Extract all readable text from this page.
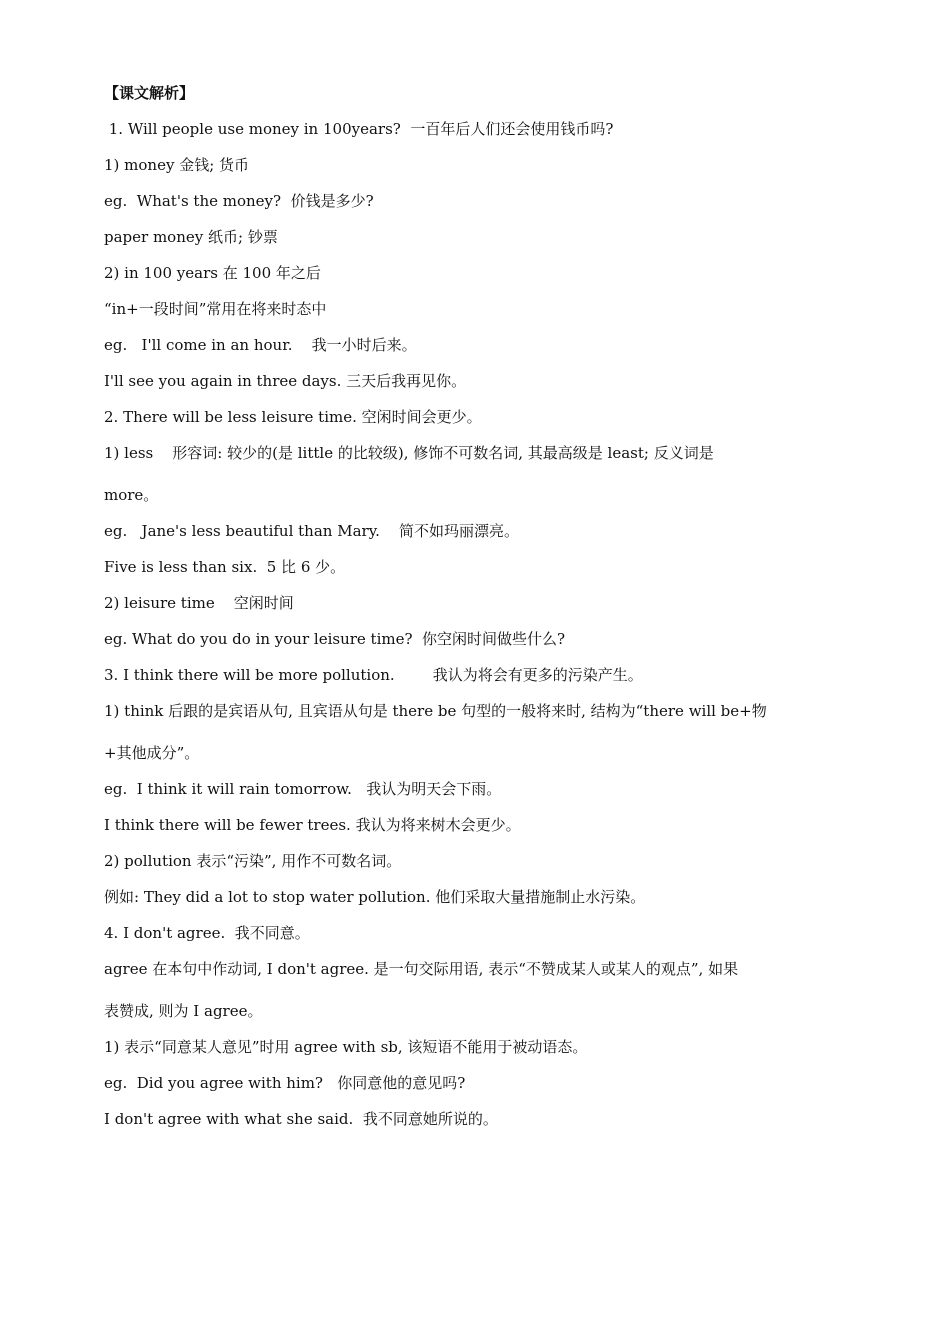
【课文解析】
1. Will people use money in 100years?  一百年后人们还会使用钱币吗?
1) money 金钱; 货币
eg.  What's the money?  价钱是多少?
paper money 纸币; 钞票
2) in 100 years 在 100 年之后
“in+一段时间”常用在将来时态中
eg.   I'll come in an hour.    我一小时后来。
I'll see you again in three days. 三天后我再见你。
2. There will be less leisure time. 空闲时间会更少。
1) less    形容词: 较少的(是 little 的比较级), 修饰不可数名词, 其最高级是 least; 反义词是
more。
eg.   Jane's less beautiful than Mary.    简不如玛丽漂亮。
Five is less than six.  5 比 6 少。
2) leisure time    空闲时间
eg. What do you do in your leisure time?  你空闲时间做些什么?
3. I think there will be more pollution.        我认为将会有更多的污染产生。
1) think 后跟的是宾语从句, 且宾语从句是 there be 句型的一般将来时, 结构为“there will be+物
+其他成分”。
eg.  I think it will rain tomorrow.   我认为明天会下雨。
I think there will be fewer trees. 我认为将来树木会更少。
2) pollution 表示“污染”, 用作不可数名词。
例如: They did a lot to stop water pollution. 他们采取大量措施制止水污染。
4. I don't agree.  我不同意。
agree 在本句中作动词, I don't agree. 是一句交际用语, 表示“不赞成某人或某人的观点”, 如果
表赞成, 则为 I agree。
1) 表示“同意某人意见”时用 agree with sb, 该短语不能用于被动语态。
eg.  Did you agree with him?   你同意他的意见吗?
I don't agree with what she said.  我不同意她所说的。
